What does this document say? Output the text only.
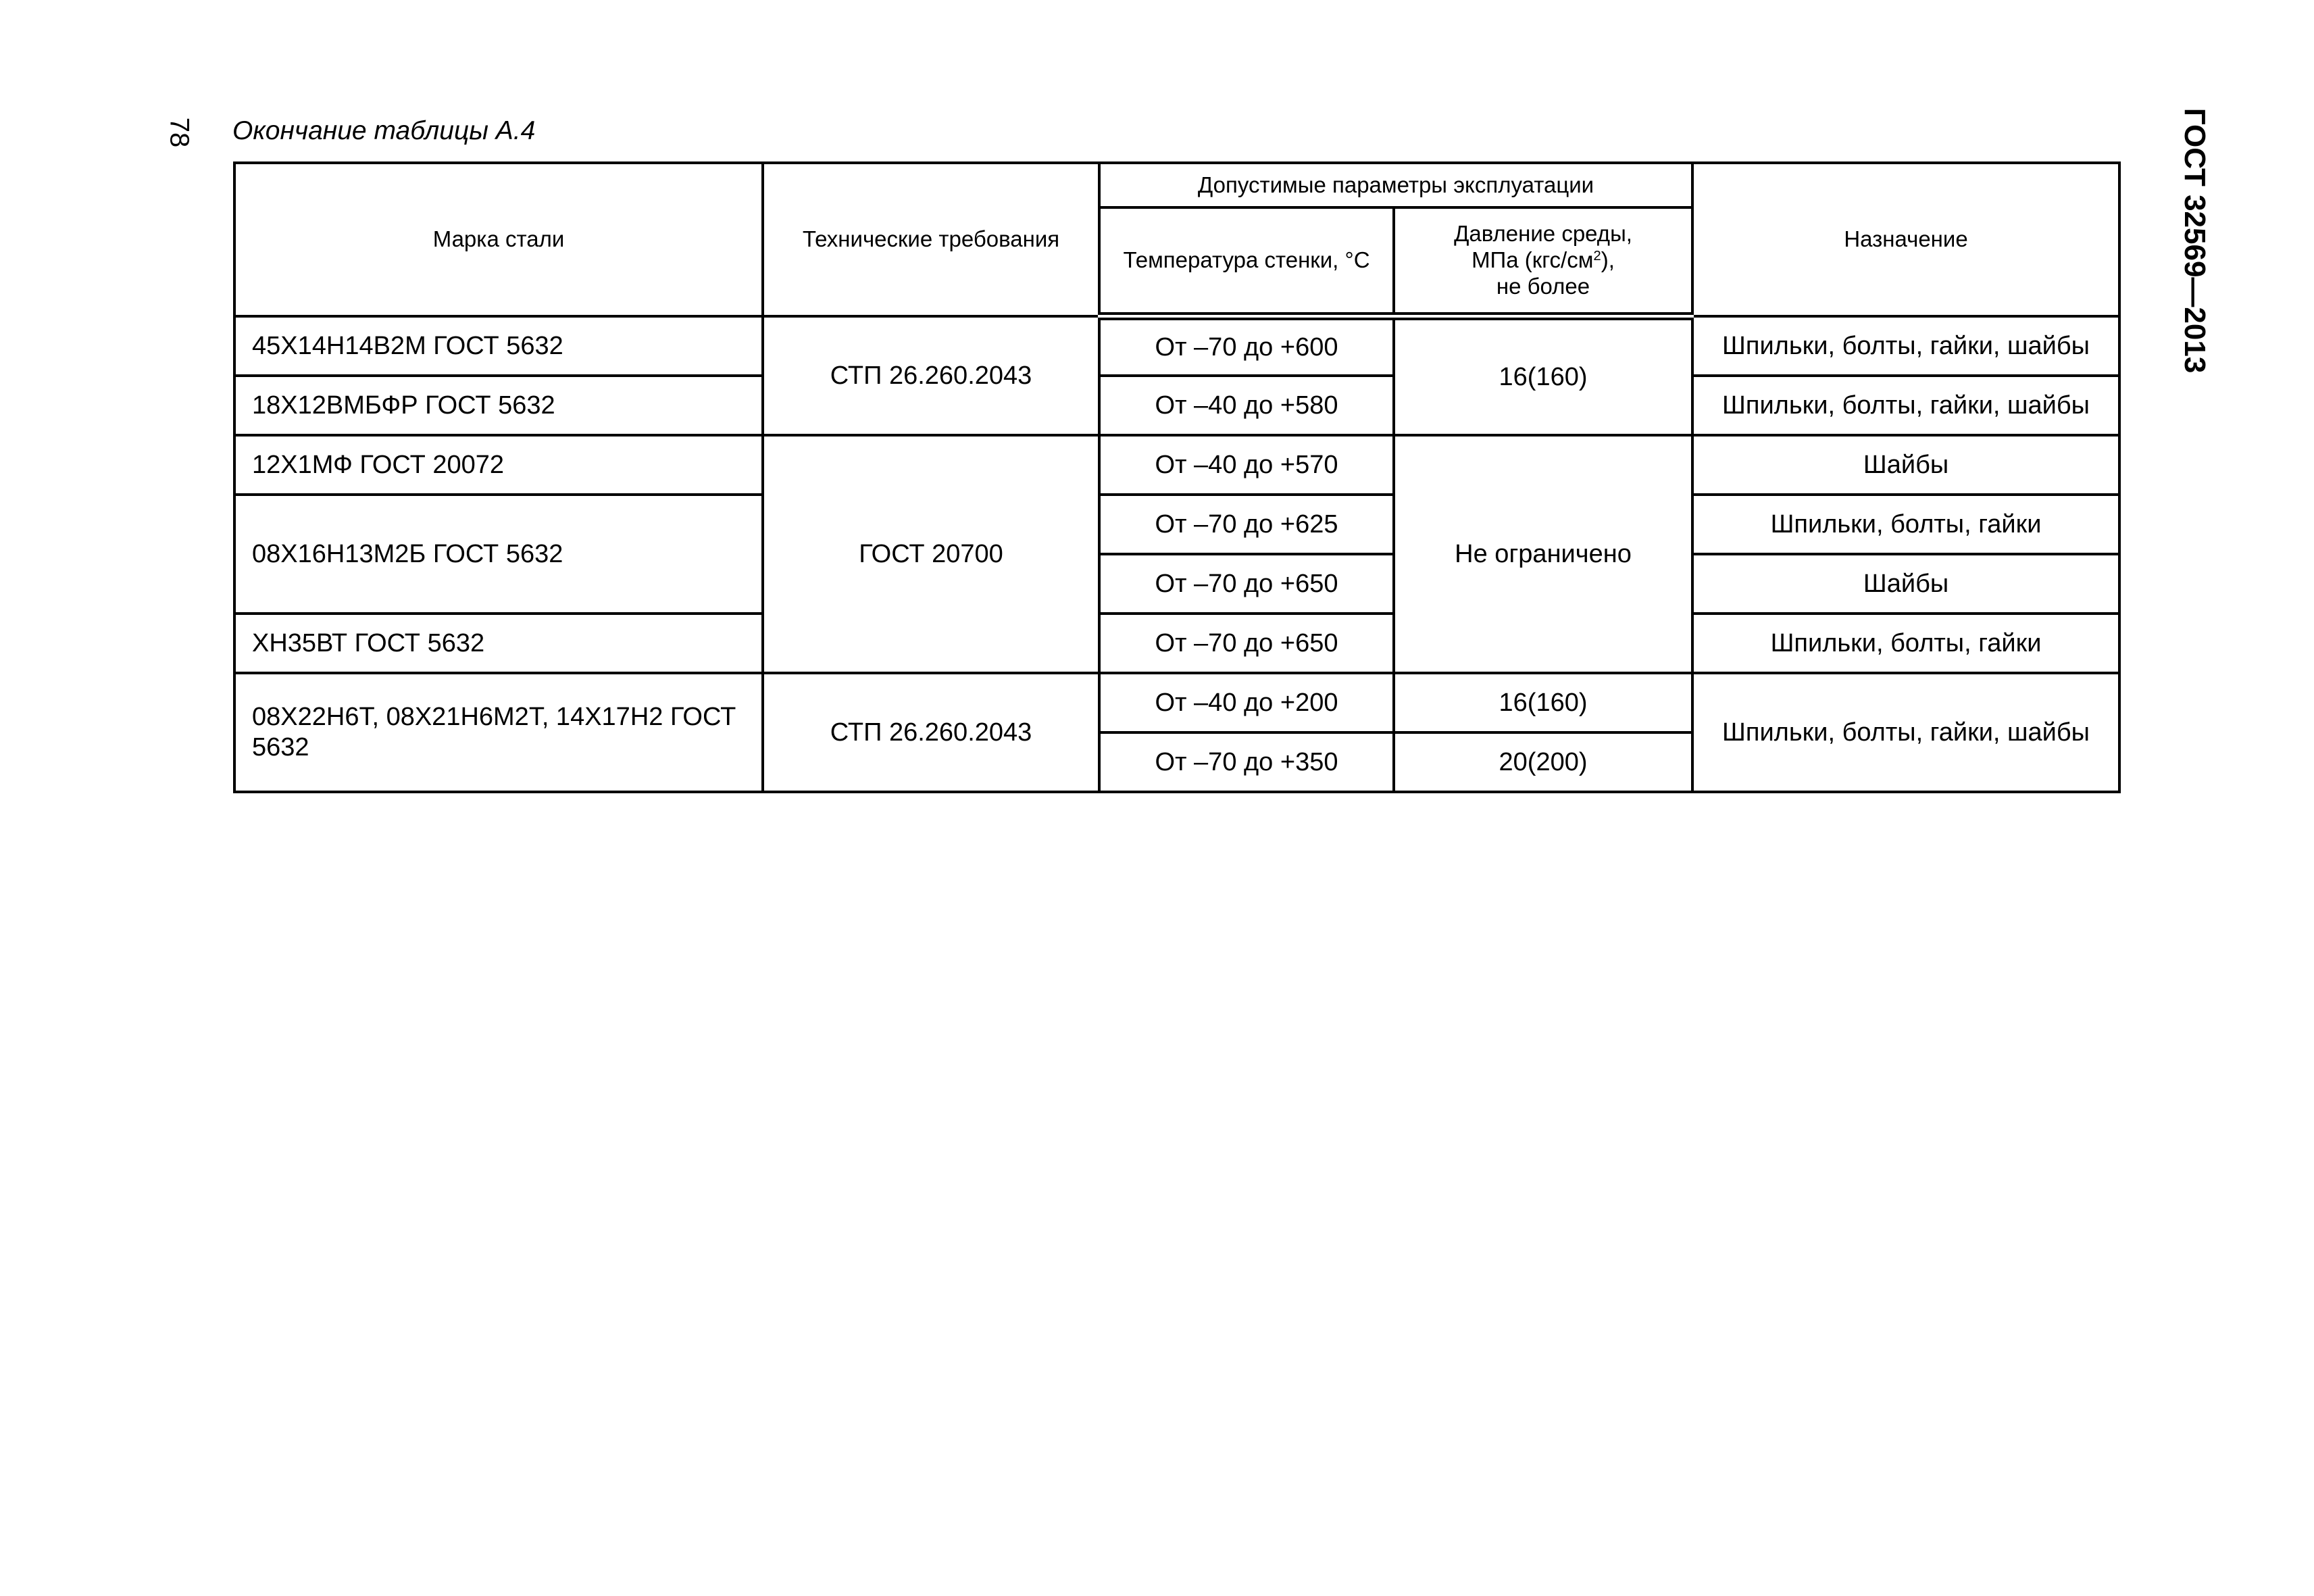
78 Окончание таблицы А.4	ГОСТ 32569—2013
Марка стали	Технические требования	Допустимые параметры эксплуатации		Назначение
		Температура стенки, °С	Давление среды,
МПа $(кгс/см^2)$,
не более	
45Х14Н14В2М ГОСТ 5632	СТП 26.260.2043	От –70 до +600	16(160)	Шпильки, болты, гайки, шайбы
18Х12ВМБФР ГОСТ 5632		От –40 до +580		Шпильки, болты, гайки, шайбы
12Х1МФ ГОСТ 20072	ГОСТ 20700	От –40 до +570	Не ограничено	Шайбы
08Х16Н13М2Б ГОСТ 5632		От –70 до +625		Шпильки, болты, гайки
		От –70 до +650		Шайбы
ХН35ВТ ГОСТ 5632		От –70 до +650		Шпильки, болты, гайки
08Х22Н6Т, 08Х21Н6М2Т, 14Х17Н2 ГОСТ 5632	СТП 26.260.2043	От –40 до +200	16(160)	Шпильки, болты, гайки, шайбы
		От –70 до +350	20(200)	
